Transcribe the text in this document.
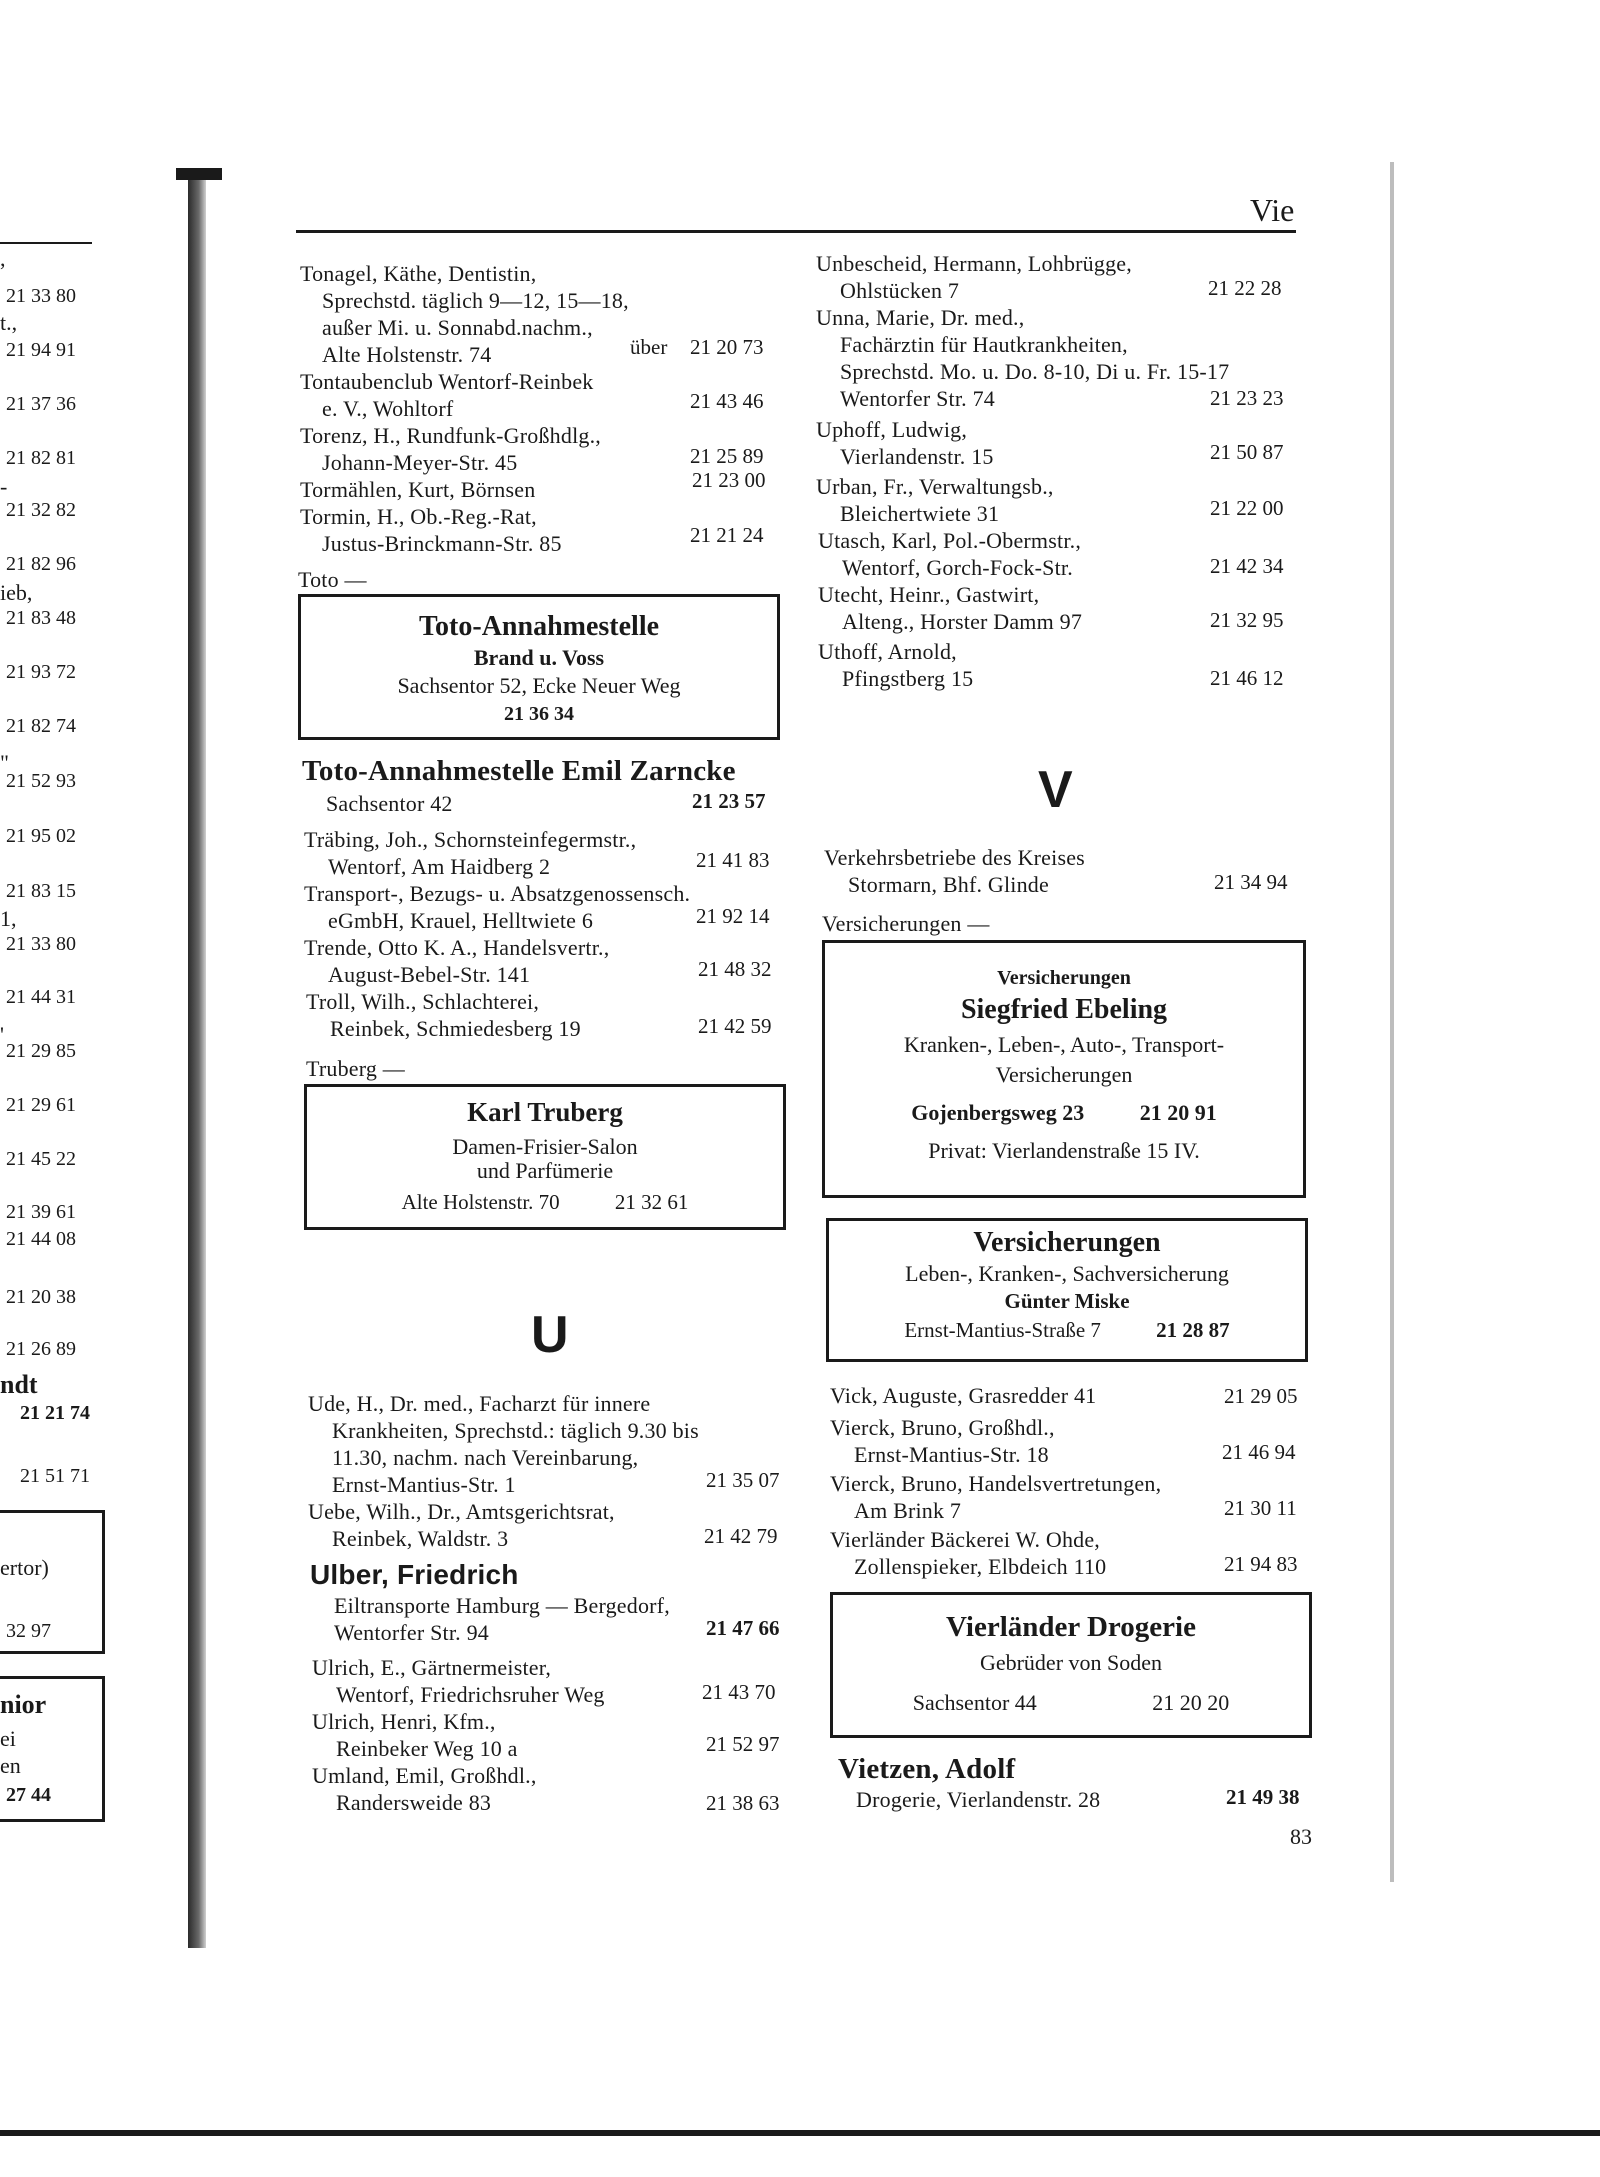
Vie
,
21 33 80
t.,
21 94 91
21 37 36
21 82 81
-
21 32 82
21 82 96
ieb,
21 83 48
21 93 72
21 82 74
"
21 52 93
21 95 02
21 83 15
1,
21 33 80
21 44 31
'
21 29 85
21 29 61
21 45 22
21 39 61
21 44 08
21 20 38
21 26 89
ndt
21 21 74
21 51 71
ertor)
32 97
nior
ei
en
27 44
Tonagel, Käthe, Dentistin,
Sprechstd. täglich 9—12, 15—18,
außer Mi. u. Sonnabd.nachm.,
Alte Holstenstr. 74	über 21 20 73
Tontaubenclub Wentorf-Reinbek
e. V., Wohltorf	21 43 46
Torenz, H., Rundfunk-Großhdlg.,
Johann-Meyer-Str. 45	21 25 89
Tormählen, Kurt, Börnsen	21 23 00
Tormin, H., Ob.-Reg.-Rat,
Justus-Brinckmann-Str. 85	21 21 24
Toto —
Toto-Annahmestelle
Brand u. Voss
Sachsentor 52, Ecke Neuer Weg
21 36 34
Toto-Annahmestelle Emil Zarncke
Sachsentor 42	21 23 57
Träbing, Joh., Schornsteinfegermstr.,
Wentorf, Am Haidberg 2	21 41 83
Transport-, Bezugs- u. Absatzgenossensch.
eGmbH, Krauel, Helltwiete 6	21 92 14
Trende, Otto K. A., Handelsvertr.,
August-Bebel-Str. 141	21 48 32
Troll, Wilh., Schlachterei,
Reinbek, Schmiedesberg 19	21 42 59
Truberg —
Karl Truberg
Damen-Frisier-Salon
und Parfümerie
Alte Holstenstr. 70	21 32 61
U
Ude, H., Dr. med., Facharzt für innere
Krankheiten, Sprechstd.: täglich 9.30 bis
11.30, nachm. nach Vereinbarung,
Ernst-Mantius-Str. 1	21 35 07
Uebe, Wilh., Dr., Amtsgerichtsrat,
Reinbek, Waldstr. 3	21 42 79
Ulber, Friedrich
Eiltransporte Hamburg — Bergedorf,
Wentorfer Str. 94	21 47 66
Ulrich, E., Gärtnermeister,
Wentorf, Friedrichsruher Weg	21 43 70
Ulrich, Henri, Kfm.,
Reinbeker Weg 10 a	21 52 97
Umland, Emil, Großhdl.,
Randersweide 83	21 38 63
Unbescheid, Hermann, Lohbrügge,
Ohlstücken 7	21 22 28
Unna, Marie, Dr. med.,
Fachärztin für Hautkrankheiten,
Sprechstd. Mo. u. Do. 8-10, Di u. Fr. 15-17
Wentorfer Str. 74	21 23 23
Uphoff, Ludwig,
Vierlandenstr. 15	21 50 87
Urban, Fr., Verwaltungsb.,
Bleichertwiete 31	21 22 00
Utasch, Karl, Pol.-Obermstr.,
Wentorf, Gorch-Fock-Str.	21 42 34
Utecht, Heinr., Gastwirt,
Alteng., Horster Damm 97	21 32 95
Uthoff, Arnold,
Pfingstberg 15	21 46 12
V
Verkehrsbetriebe des Kreises
Stormarn, Bhf. Glinde	21 34 94
Versicherungen —
Versicherungen
Siegfried Ebeling
Kranken-, Leben-, Auto-, Transport-
Versicherungen
Gojenbergsweg 23	21 20 91
Privat: Vierlandenstraße 15 IV.
Versicherungen
Leben-, Kranken-, Sachversicherung
Günter Miske
Ernst-Mantius-Straße 7	21 28 87
Vick, Auguste, Grasredder 41	21 29 05
Vierck, Bruno, Großhdl.,
Ernst-Mantius-Str. 18	21 46 94
Vierck, Bruno, Handelsvertretungen,
Am Brink 7	21 30 11
Vierländer Bäckerei W. Ohde,
Zollenspieker, Elbdeich 110	21 94 83
Vierländer Drogerie
Gebrüder von Soden
Sachsentor 44	21 20 20
Vietzen, Adolf
Drogerie, Vierlandenstr. 28	21 49 38
83
